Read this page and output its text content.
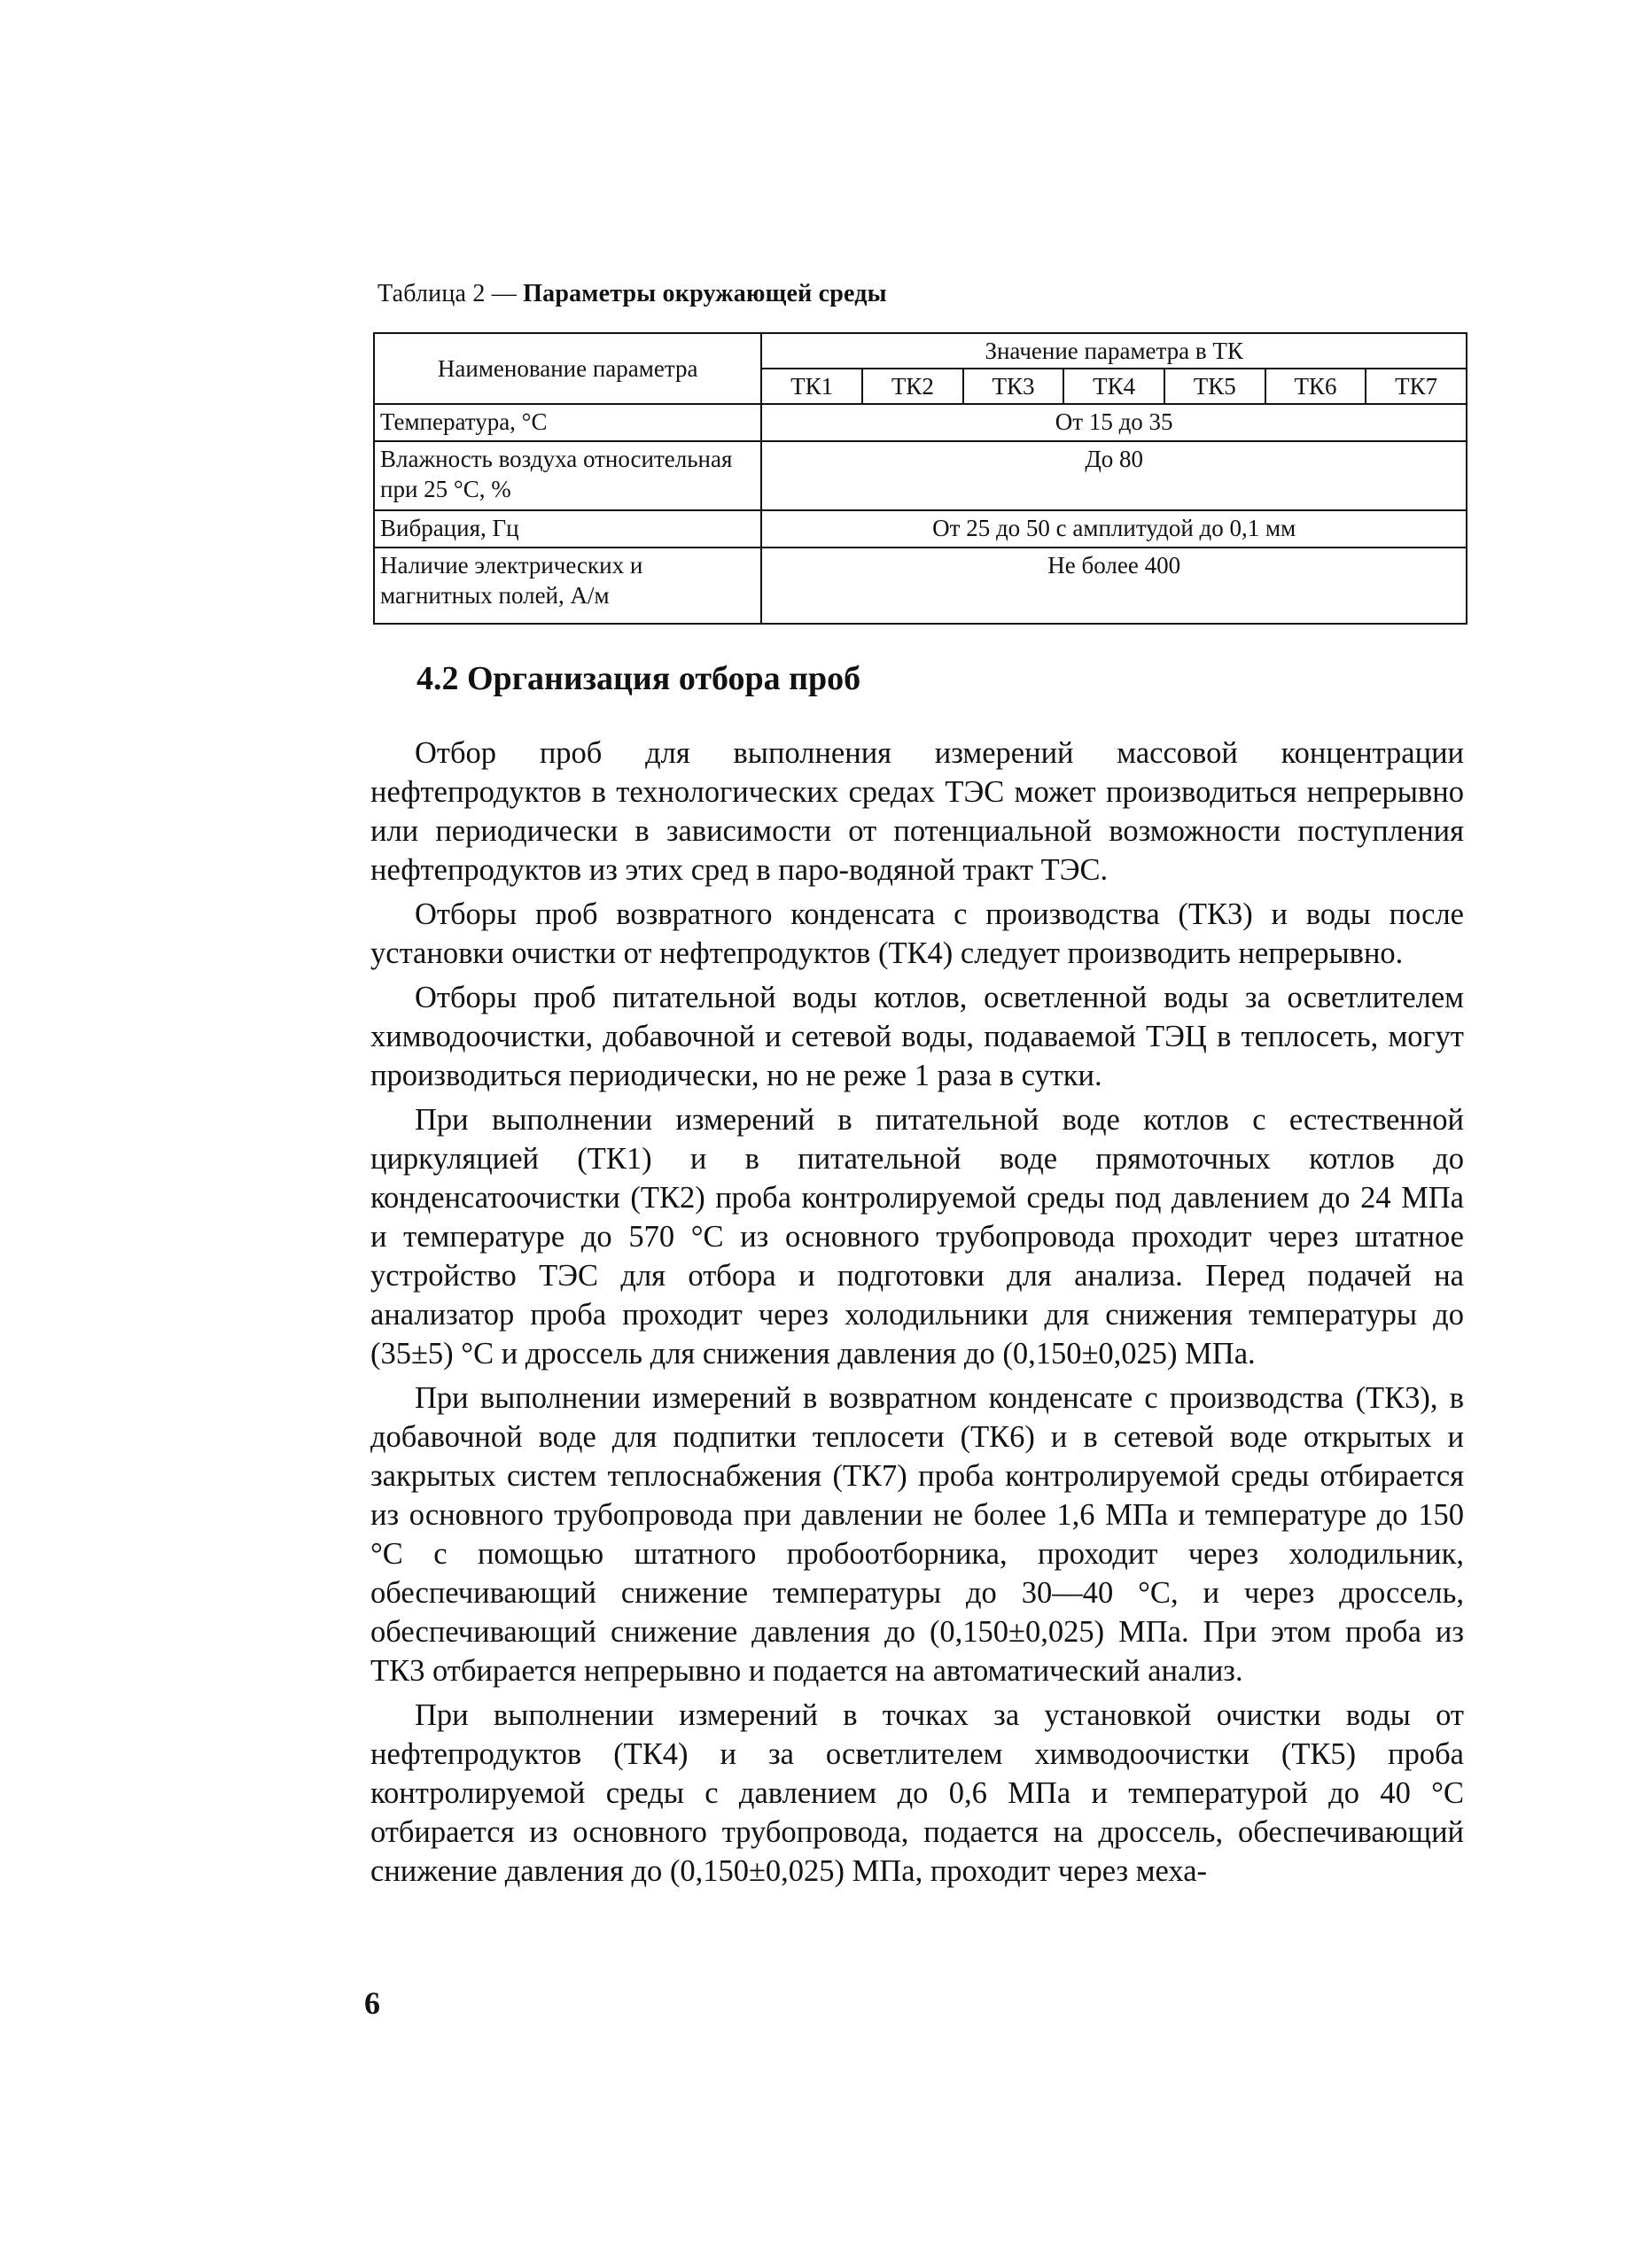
Таблица 2 — Параметры окружающей среды
Наименование параметра	Значение параметра в ТК						
	ТК1	ТК2	ТК3	ТК4	ТК5	ТК6	ТК7
Температура, °С	От 15 до 35						
Влажность воздуха относительная при 25 °С, %	До 80						
Вибрация, Гц	От 25 до 50 с амплитудой до 0,1 мм						
Наличие электрических и магнитных полей, А/м	Не более 400						
4.2 Организация отбора проб

Отбор проб для выполнения измерений массовой концентрации нефтепродуктов в технологических средах ТЭС может производиться непрерывно или периодически в зависимости от потенциальной возможности поступления нефтепродуктов из этих сред в паро-водяной тракт ТЭС.

Отборы проб возвратного конденсата с производства (ТК3) и воды после установки очистки от нефтепродуктов (ТК4) следует производить непрерывно.

Отборы проб питательной воды котлов, осветленной воды за осветлителем химводоочистки, добавочной и сетевой воды, подаваемой ТЭЦ в теплосеть, могут производиться периодически, но не реже 1 раза в сутки.

При выполнении измерений в питательной воде котлов с естественной циркуляцией (ТК1) и в питательной воде прямоточных котлов до конденсатоочистки (ТК2) проба контролируемой среды под давлением до 24 МПа и температуре до 570 °С из основного трубопровода проходит через штатное устройство ТЭС для отбора и подготовки для анализа. Перед подачей на анализатор проба проходит через холодильники для снижения температуры до (35±5) °С и дроссель для снижения давления до (0,150±0,025) МПа.

При выполнении измерений в возвратном конденсате с производства (ТК3), в добавочной воде для подпитки теплосети (ТК6) и в сетевой воде открытых и закрытых систем теплоснабжения (ТК7) проба контролируемой среды отбирается из основного трубопровода при давлении не более 1,6 МПа и температуре до 150 °С с помощью штатного пробоотборника, проходит через холодильник, обеспечивающий снижение температуры до 30—40 °С, и через дроссель, обеспечивающий снижение давления до (0,150±0,025) МПа. При этом проба из ТК3 отбирается непрерывно и подается на автоматический анализ.

При выполнении измерений в точках за установкой очистки воды от нефтепродуктов (ТК4) и за осветлителем химводоочистки (ТК5) проба контролируемой среды с давлением до 0,6 МПа и температурой до 40 °С отбирается из основного трубопровода, подается на дроссель, обеспечивающий снижение давления до (0,150±0,025) МПа, проходит через меха-

6
